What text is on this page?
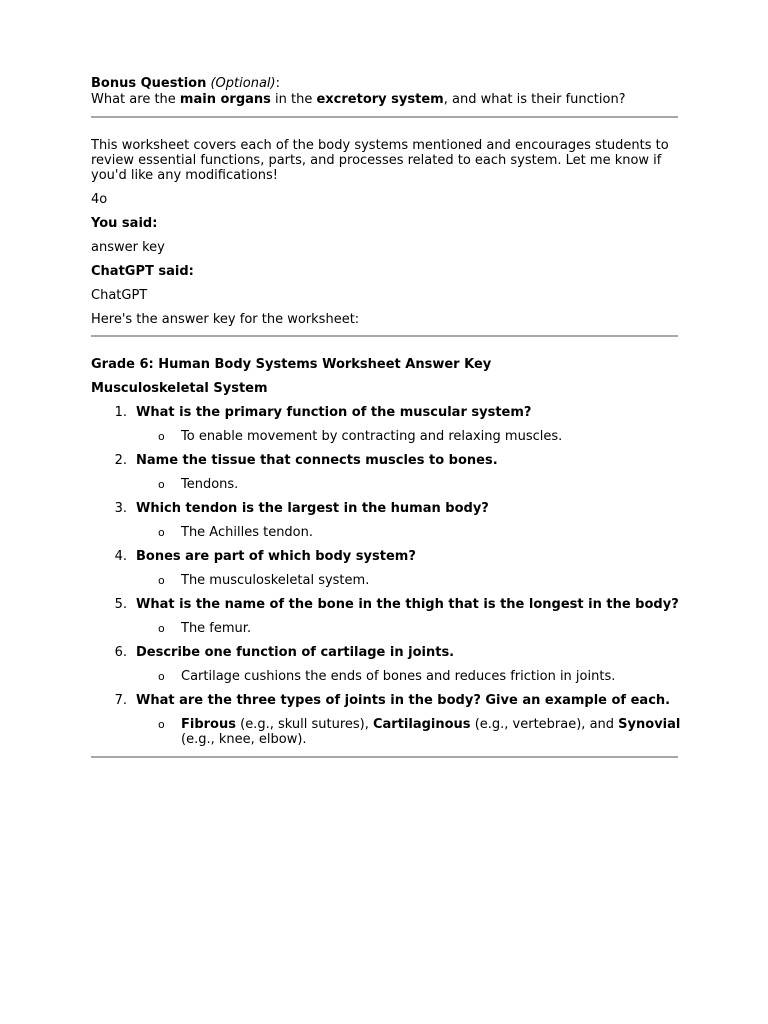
Bonus Question (Optional):

What are the main organs in the excretory system, and what is their function?

This worksheet covers each of the body systems mentioned and encourages students to review essential functions, parts, and processes related to each system. Let me know if you'd like any modifications!

4o

You said:

answer key

ChatGPT said:

ChatGPT

Here's the answer key for the worksheet:

Grade 6: Human Body Systems Worksheet Answer Key

Musculoskeletal System

1. What is the primary function of the muscular system?
o To enable movement by contracting and relaxing muscles.
2. Name the tissue that connects muscles to bones.
o Tendons.
3. Which tendon is the largest in the human body?
o The Achilles tendon.
4. Bones are part of which body system?
o The musculoskeletal system.
5. What is the name of the bone in the thigh that is the longest in the body?
o The femur.
6. Describe one function of cartilage in joints.
o Cartilage cushions the ends of bones and reduces friction in joints.
7. What are the three types of joints in the body? Give an example of each.
o Fibrous (e.g., skull sutures), Cartilaginous (e.g., vertebrae), and Synovial (e.g., knee, elbow).
